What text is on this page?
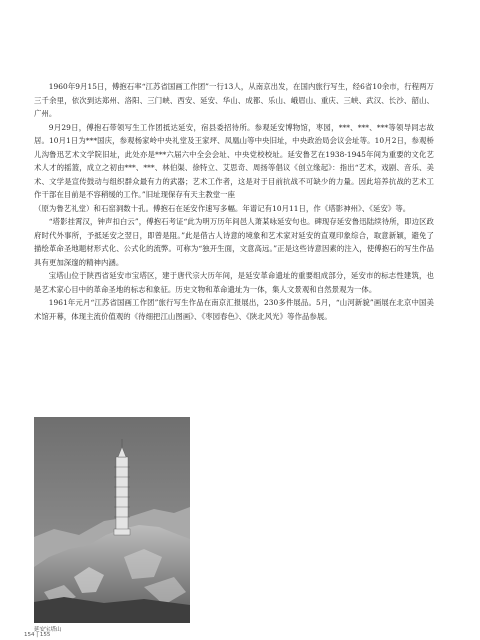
1960年9月15日，傅抱石率“江苏省国画工作团”一行13人，从南京出发，在国内旅行写生，经6省10余市，行程两万三千余里，依次到达郑州、洛阳、三门峡、西安、延安、华山、成都、乐山、峨眉山、重庆、三峡、武汉、长沙、韶山、广州。

9月29日，傅抱石带领写生工作团抵达延安，宿县委招待所。参观延安博物馆，枣园，***、***、***等领导同志故居。10月1日为***国庆，参观杨家岭中央礼堂及王家坪、凤凰山等中央旧址，中央政治局会议会址等。10月2日，参观桥儿沟鲁迅艺术文学院旧址，此处亦是***六届六中全会会址、中央党校校址。延安鲁艺在1938-1945年间为重要的文化艺术人才的摇篮，成立之初由***、***、林伯渠、徐特立、艾思奇、周扬等倡议《创立缘起》：指出“艺术，戏剧、音乐、美术、文学是宣传鼓动与组织群众最有力的武器；艺术工作者，这是对于目前抗战不可缺少的力量。因此培养抗战的艺术工作干部在目前是不容稍缓的工作。”旧址现保存有天主教堂一座

（原为鲁艺礼堂）和石窑洞数十孔。傅抱石在延安作速写多幅。年谱记有10月11日，作《塔影神州》、《延安》等。

“塔影挂霄汉，钟声扣白云”，傅抱石考证“此为明万历年间邑人萧某咏延安句也。碑现存延安鲁迅陆续待所，即边区政府时代外事所，予抵延安之翌日，即曾是阻。”此是借古人诗意的境象和艺术家对延安的直观印象综合，取意新颖，避免了描绘革命圣地题材形式化、公式化的流弊。可称为“独开生面，文意高远。”正是这些诗意因素的注入，使傅抱石的写生作品具有更加深邃的精神内涵。

宝塔山位于陕西省延安市宝塔区，建于唐代宗大历年间，是延安革命遗址的重要组成部分，延安市的标志性建筑，也是艺术家心目中的革命圣地的标志和象征。历史文物和革命遗址为一体，集人文景观和自然景观为一体。

1961年元月“江苏省国画工作团”旅行写生作品在南京汇报展出，230多件展品。5月，“山河新貌”画展在北京中国美术馆开幕，体现主流价值观的《待细把江山图画》、《枣园春色》、《陕北风光》等作品参展。

延安宝塔山
154 | 155
